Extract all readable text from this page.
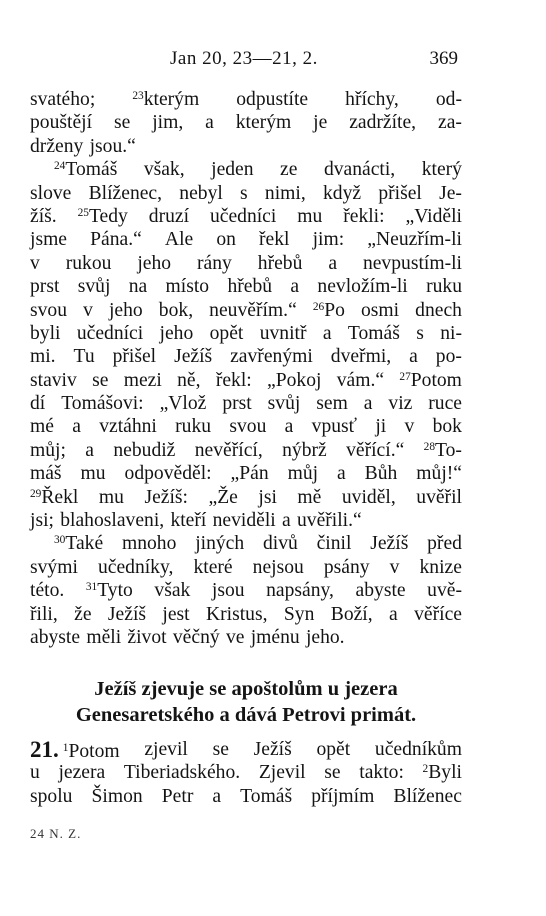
Jan 20, 23—21, 2.	369
svatého;	$^{23}$kterým odpustíte hříchy, od-
pouštějí se jim, a kterým je zadržíte, za-
drženy jsou.“
$^{24}$Tomáš však, jeden ze dvanácti, který
slove Blíženec, nebyl s nimi, když přišel Je-
žíš. $^{25}$Tedy druzí učedníci mu řekli: „Viděli
jsme Pána.“ Ale on řekl jim: „Neuzřím-li
v rukou jeho rány hřebů a nevpustím-li
prst svůj na místo hřebů a nevložím-li ruku
svou v jeho bok, neuvěřím.“ $^{26}$Po osmi dnech
byli učedníci jeho opět uvnitř a Tomáš s ni-
mi. Tu přišel Ježíš zavřenými dveřmi, a po-
staviv se mezi ně, řekl: „Pokoj vám.“ $^{27}$Potom
dí Tomášovi: „Vlož prst svůj sem a viz ruce
mé a vztáhni ruku svou a vpusť ji v bok
můj; a nebudiž nevěřící, nýbrž věřící.“ $^{28}$To-
máš mu odpověděl: „Pán můj a Bůh můj!“
$^{29}$Řekl mu Ježíš: „Že jsi mě uviděl, uvěřil
jsi; blahoslaveni, kteří neviděli a uvěřili.“
$^{30}$Také mnoho jiných divů činil Ježíš před
svými učedníky, které nejsou psány v knize
této. $^{31}$Tyto však jsou napsány, abyste uvě-
řili, že Ježíš jest Kristus, Syn Boží, a věříce
abyste měli život věčný ve jménu jeho.
Ježíš zjevuje se apoštolům u jezera
Genesaretského a dává Petrovi primát.
21. $^1$Potom zjevil se Ježíš opět učedníkům
u jezera Tiberiadského. Zjevil se takto: $^2$Byli
spolu Šimon Petr a Tomáš příjmím Blíženec
24 N. Z.
